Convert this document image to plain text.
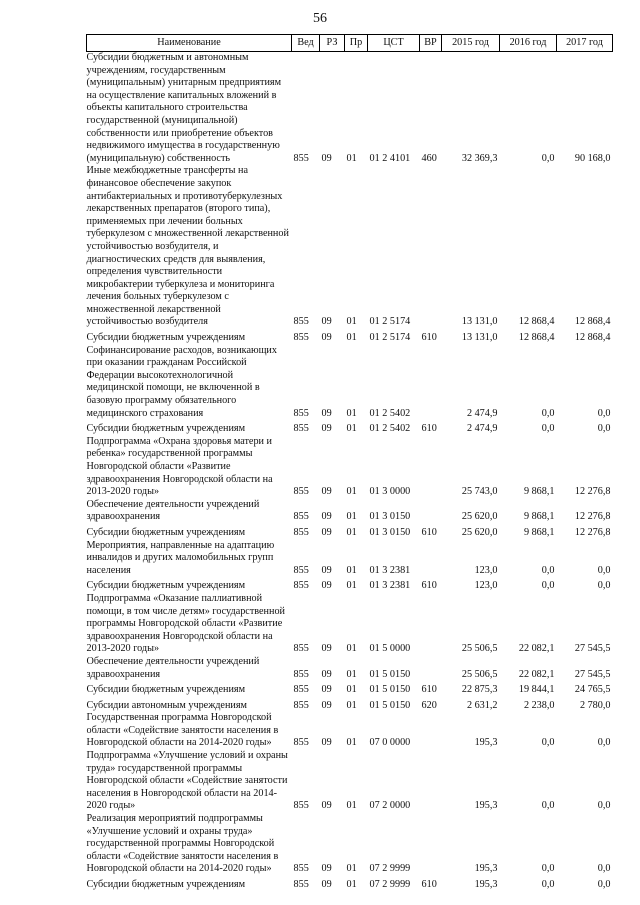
56
Наименование	Вед	РЗ	Пр	ЦСТ	ВР	2015 год	2016 год	2017 год
Субсидии бюджетным и автономным учреждениям, государственным (муниципальным) унитарным предприятиям на осуществление капитальных вложений в объекты капитального строительства государственной (муниципальной) собственности или приобретение объектов недвижимого имущества в государственную (муниципальную) собственность	855	09	01	01 2 4101	460	32 369,3	0,0	90 168,0
Иные межбюджетные трансферты на финансовое обеспечение закупок антибактериальных и противотуберкулезных лекарственных препаратов (второго типа), применяемых при лечении больных туберкулезом с множественной лекарственной устойчивостью возбудителя, и диагностических средств для выявления, определения чувствительности микробактерии туберкулеза и мониторинга лечения больных туберкулезом с множественной лекарственной устойчивостью возбудителя	855	09	01	01 2 5174		13 131,0	12 868,4	12 868,4
Субсидии бюджетным учреждениям	855	09	01	01 2 5174	610	13 131,0	12 868,4	12 868,4
Софинансирование расходов, возникающих при оказании гражданам Российской Федерации высокотехнологичной медицинской помощи, не включенной в базовую программу обязательного медицинского страхования	855	09	01	01 2 5402		2 474,9	0,0	0,0
Субсидии бюджетным учреждениям	855	09	01	01 2 5402	610	2 474,9	0,0	0,0
Подпрограмма «Охрана здоровья матери и ребенка» государственной программы Новгородской области «Развитие здравоохранения Новгородской области на 2013-2020 годы»	855	09	01	01 3 0000		25 743,0	9 868,1	12 276,8
Обеспечение деятельности учреждений здравоохранения	855	09	01	01 3 0150		25 620,0	9 868,1	12 276,8
Субсидии бюджетным учреждениям	855	09	01	01 3 0150	610	25 620,0	9 868,1	12 276,8
Мероприятия, направленные на адаптацию инвалидов и других маломобильных групп населения	855	09	01	01 3 2381		123,0	0,0	0,0
Субсидии бюджетным учреждениям	855	09	01	01 3 2381	610	123,0	0,0	0,0
Подпрограмма «Оказание паллиативной помощи, в том числе детям» государственной программы Новгородской области «Развитие здравоохранения Новгородской области на 2013-2020 годы»	855	09	01	01 5 0000		25 506,5	22 082,1	27 545,5
Обеспечение деятельности учреждений здравоохранения	855	09	01	01 5 0150		25 506,5	22 082,1	27 545,5
Субсидии бюджетным учреждениям	855	09	01	01 5 0150	610	22 875,3	19 844,1	24 765,5
Субсидии автономным учреждениям	855	09	01	01 5 0150	620	2 631,2	2 238,0	2 780,0
Государственная программа Новгородской области «Содействие занятости населения в Новгородской области на 2014-2020 годы»	855	09	01	07 0 0000		195,3	0,0	0,0
Подпрограмма «Улучшение условий и охраны труда» государственной программы Новгородской области «Содействие занятости населения в Новгородской области на 2014-2020 годы»	855	09	01	07 2 0000		195,3	0,0	0,0
Реализация мероприятий подпрограммы «Улучшение условий и охраны труда» государственной программы Новгородской области «Содействие занятости населения в Новгородской области на 2014-2020 годы»	855	09	01	07 2 9999		195,3	0,0	0,0
Субсидии бюджетным учреждениям	855	09	01	07 2 9999	610	195,3	0,0	0,0
